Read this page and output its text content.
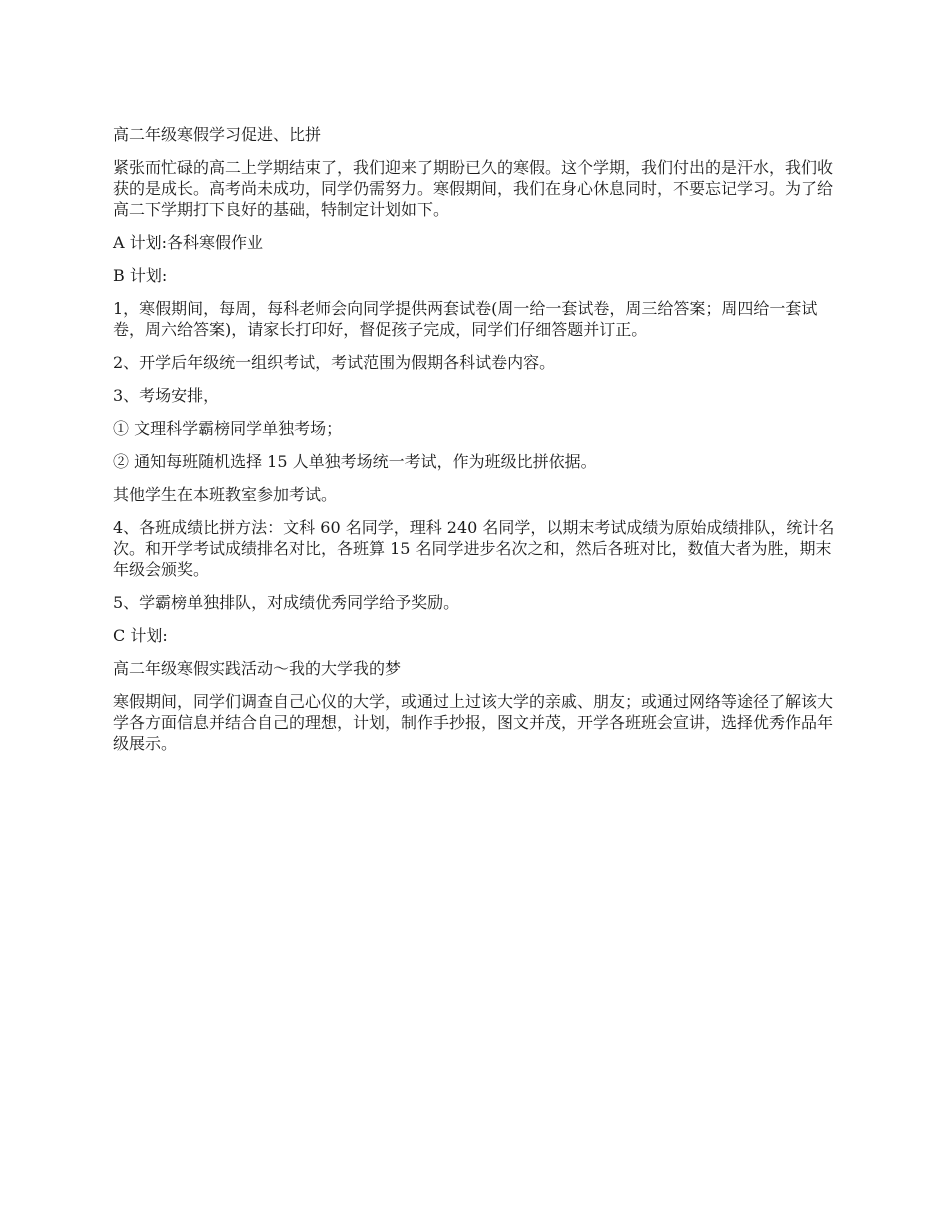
高二年级寒假学习促进、比拼

紧张而忙碌的高二上学期结束了，我们迎来了期盼已久的寒假。这个学期，我们付出的是汗水，我们收获的是成长。高考尚未成功，同学仍需努力。寒假期间，我们在身心休息同时，不要忘记学习。为了给高二下学期打下良好的基础，特制定计划如下。

A 计划:各科寒假作业

B 计划:

1，寒假期间，每周，每科老师会向同学提供两套试卷(周一给一套试卷，周三给答案；周四给一套试卷，周六给答案)，请家长打印好，督促孩子完成，同学们仔细答题并订正。

2、开学后年级统一组织考试，考试范围为假期各科试卷内容。

3、考场安排，

① 文理科学霸榜同学单独考场；

② 通知每班随机选择 15 人单独考场统一考试，作为班级比拼依据。

其他学生在本班教室参加考试。

4、各班成绩比拼方法：文科 60 名同学，理科 240 名同学，以期末考试成绩为原始成绩排队，统计名次。和开学考试成绩排名对比，各班算 15 名同学进步名次之和，然后各班对比，数值大者为胜，期末年级会颁奖。

5、学霸榜单独排队，对成绩优秀同学给予奖励。

C 计划:

高二年级寒假实践活动～我的大学我的梦

寒假期间，同学们调查自己心仪的大学，或通过上过该大学的亲戚、朋友；或通过网络等途径了解该大学各方面信息并结合自己的理想，计划，制作手抄报，图文并茂，开学各班班会宣讲，选择优秀作品年级展示。
